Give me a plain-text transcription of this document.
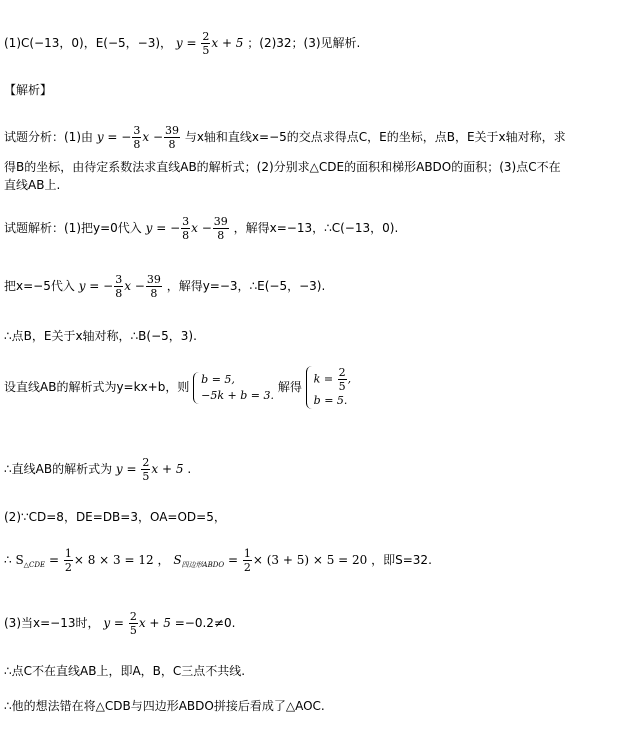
(1)C(−13，0)，E(−5，−3)， $y = \frac{2}{5}$ x + 5 ；(2)32；(3)见解析.
【解析】
试题分析：(1)由 y = − $\frac{3}{8}$ $x - \frac{39}{8}$ 与x轴和直线x=−5的交点求得点C，E的坐标，点B，E关于x轴对称，求
得B的坐标，由待定系数法求直线AB的解析式；(2)分别求△CDE的面积和梯形ABDO的面积；(3)点C不在
直线AB上.
试题解析：(1)把y=0代入 y = − $\frac{3}{8}$ $x - \frac{39}{8}$ ，解得x=−13，∴C(−13，0).
把x=−5代入 y = − $\frac{3}{8}$ $x - \frac{39}{8}$ ，解得y=−3，∴E(−5，−3).
∴点B，E关于x轴对称，∴B(−5，3).
设直线AB的解析式为y=kx+b，则
b = 5,
−5k + b = 3.
解得
$k = \frac{2}{5}$ ,
b = 5.
∴直线AB的解析式为 $y = \frac{2}{5}$ x + 5 .
(2)∵CD=8，DE=DB=3，OA=OD=5，
∴ $S_{\triangle CDE} = \frac{1}{2} \times 8 \times 3 = 12$ ， $S_{四边形ABDO} = \frac{1}{2} \times (3 + 5) \times 5 = 20$ ，即S=32.
(3)当x=−13时， $y = \frac{2}{5}$ x + 5 =−0.2≠0.
∴点C不在直线AB上，即A，B，C三点不共线.
∴他的想法错在将△CDB与四边形ABDO拼接后看成了△AOC.
